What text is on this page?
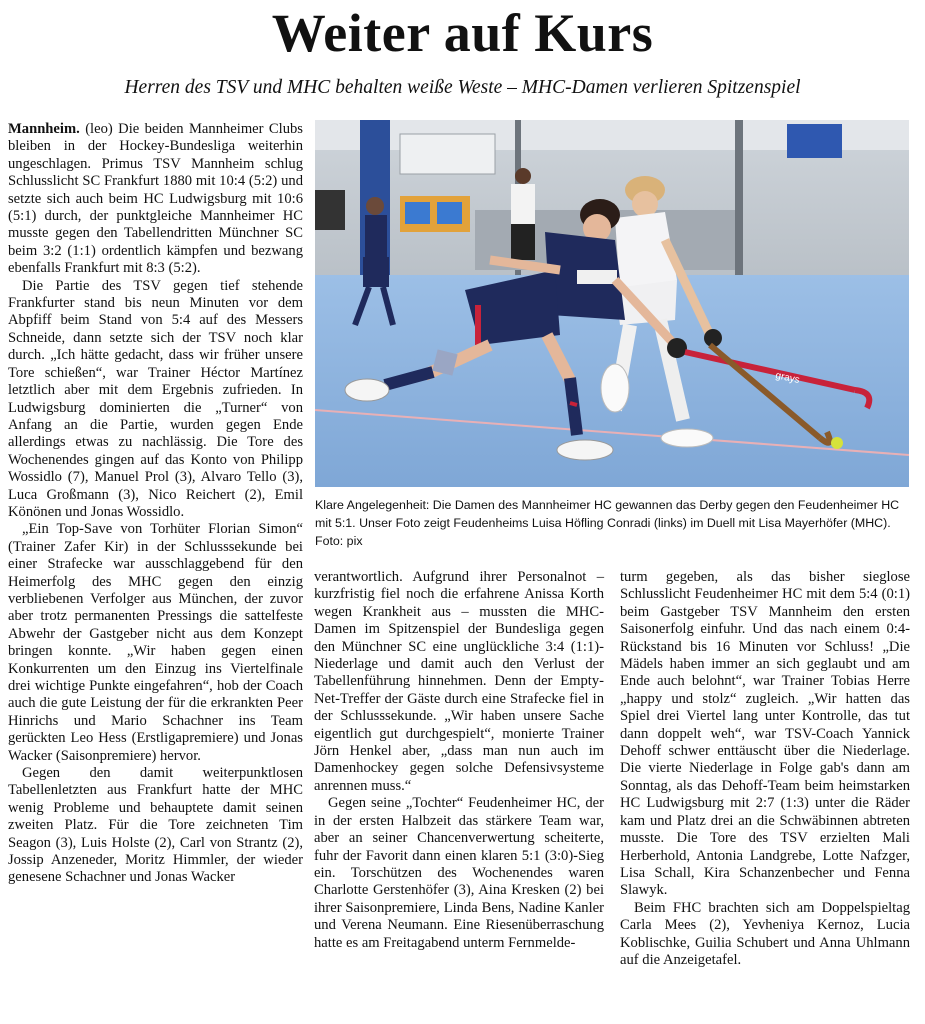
Weiter auf Kurs
Herren des TSV und MHC behalten weiße Weste – MHC-Damen verlieren Spitzenspiel

Mannheim. (leo) Die beiden Mannheimer Clubs bleiben in der Hockey-Bundesliga weiterhin ungeschlagen. Primus TSV Mannheim schlug Schlusslicht SC Frankfurt 1880 mit 10:4 (5:2) und setzte sich auch beim HC Ludwigsburg mit 10:6 (5:1) durch, der punktgleiche Mannheimer HC musste gegen den Tabellendritten Münchner SC beim 3:2 (1:1) ordentlich kämpfen und bezwang ebenfalls Frankfurt mit 8:3 (5:2).

Die Partie des TSV gegen tief stehende Frankfurter stand bis neun Minuten vor dem Abpfiff beim Stand von 5:4 auf des Messers Schneide, dann setzte sich der TSV noch klar durch. „Ich hätte gedacht, dass wir früher unsere Tore schießen“, war Trainer Héctor Martínez letztlich aber mit dem Ergebnis zufrieden. In Ludwigsburg dominierten die „Turner“ von Anfang an die Partie, wurden gegen Ende allerdings etwas zu nachlässig. Die Tore des Wochenendes gingen auf das Konto von Philipp Wossidlo (7), Manuel Prol (3), Alvaro Tello (3), Luca Großmann (3), Nico Reichert (2), Emil Könönen und Jonas Wossidlo.

„Ein Top-Save von Torhüter Florian Simon“ (Trainer Zafer Kir) in der Schlusssekunde bei einer Strafecke war ausschlaggebend für den Heimerfolg des MHC gegen den einzig verbliebenen Verfolger aus München, der zuvor aber trotz permanenten Pressings die sattelfeste Abwehr der Gastgeber nicht aus dem Konzept bringen konnte. „Wir haben gegen einen Konkurrenten um den Einzug ins Viertelfinale drei wichtige Punkte eingefahren“, hob der Coach auch die gute Leistung der für die erkrankten Peer Hinrichs und Mario Schachner ins Team gerückten Leo Hess (Erstligapremiere) und Jonas Wacker (Saisonpremiere) hervor.

Gegen den damit weiterpunktlosen Tabellenletzten aus Frankfurt hatte der MHC wenig Probleme und behauptete damit seinen zweiten Platz. Für die Tore zeichneten Tim Seagon (3), Luis Holste (2), Carl von Strantz (2), Jossip Anzeneder, Moritz Himmler, der wieder genesene Schachner und Jonas Wacker

grays
Klare Angelegenheit: Die Damen des Mannheimer HC gewannen das Derby gegen den Feudenheimer HC mit 5:1. Unser Foto zeigt Feudenheims Luisa Höfling Conradi (links) im Duell mit Lisa Mayerhöfer (MHC). Foto: pix

verantwortlich. Aufgrund ihrer Personalnot – kurzfristig fiel noch die erfahrene Anissa Korth wegen Krankheit aus – mussten die MHC-Damen im Spitzenspiel der Bundesliga gegen den Münchner SC eine unglückliche 3:4 (1:1)-Niederlage und damit auch den Verlust der Tabellenführung hinnehmen. Denn der Empty-Net-Treffer der Gäste durch eine Strafecke fiel in der Schlusssekunde. „Wir haben unsere Sache eigentlich gut durchgespielt“, monierte Trainer Jörn Henkel aber, „dass man nun auch im Damenhockey gegen solche Defensivsysteme anrennen muss.“

Gegen seine „Tochter“ Feudenheimer HC, der in der ersten Halbzeit das stärkere Team war, aber an seiner Chancenverwertung scheiterte, fuhr der Favorit dann einen klaren 5:1 (3:0)-Sieg ein. Torschützen des Wochenendes waren Charlotte Gerstenhöfer (3), Aina Kresken (2) bei ihrer Saisonpremiere, Linda Bens, Nadine Kanler und Verena Neumann. Eine Riesenüberraschung hatte es am Freitagabend unterm Fernmelde-

turm gegeben, als das bisher sieglose Schlusslicht Feudenheimer HC mit dem 5:4 (0:1) beim Gastgeber TSV Mannheim den ersten Saisonerfolg einfuhr. Und das nach einem 0:4-Rückstand bis 16 Minuten vor Schluss! „Die Mädels haben immer an sich geglaubt und am Ende auch belohnt“, war Trainer Tobias Herre „happy und stolz“ zugleich. „Wir hatten das Spiel drei Viertel lang unter Kontrolle, das tut dann doppelt weh“, war TSV-Coach Yannick Dehoff schwer enttäuscht über die Niederlage. Die vierte Niederlage in Folge gab's dann am Sonntag, als das Dehoff-Team beim heimstarken HC Ludwigsburg mit 2:7 (1:3) unter die Räder kam und Platz drei an die Schwäbinnen abtreten musste. Die Tore des TSV erzielten Mali Herberhold, Antonia Landgrebe, Lotte Nafzger, Lisa Schall, Kira Schanzenbecher und Fenna Slawyk.

Beim FHC brachten sich am Doppelspieltag Carla Mees (2), Yevheniya Kernoz, Lucia Koblischke, Guilia Schubert und Anna Uhlmann auf die Anzeigetafel.
